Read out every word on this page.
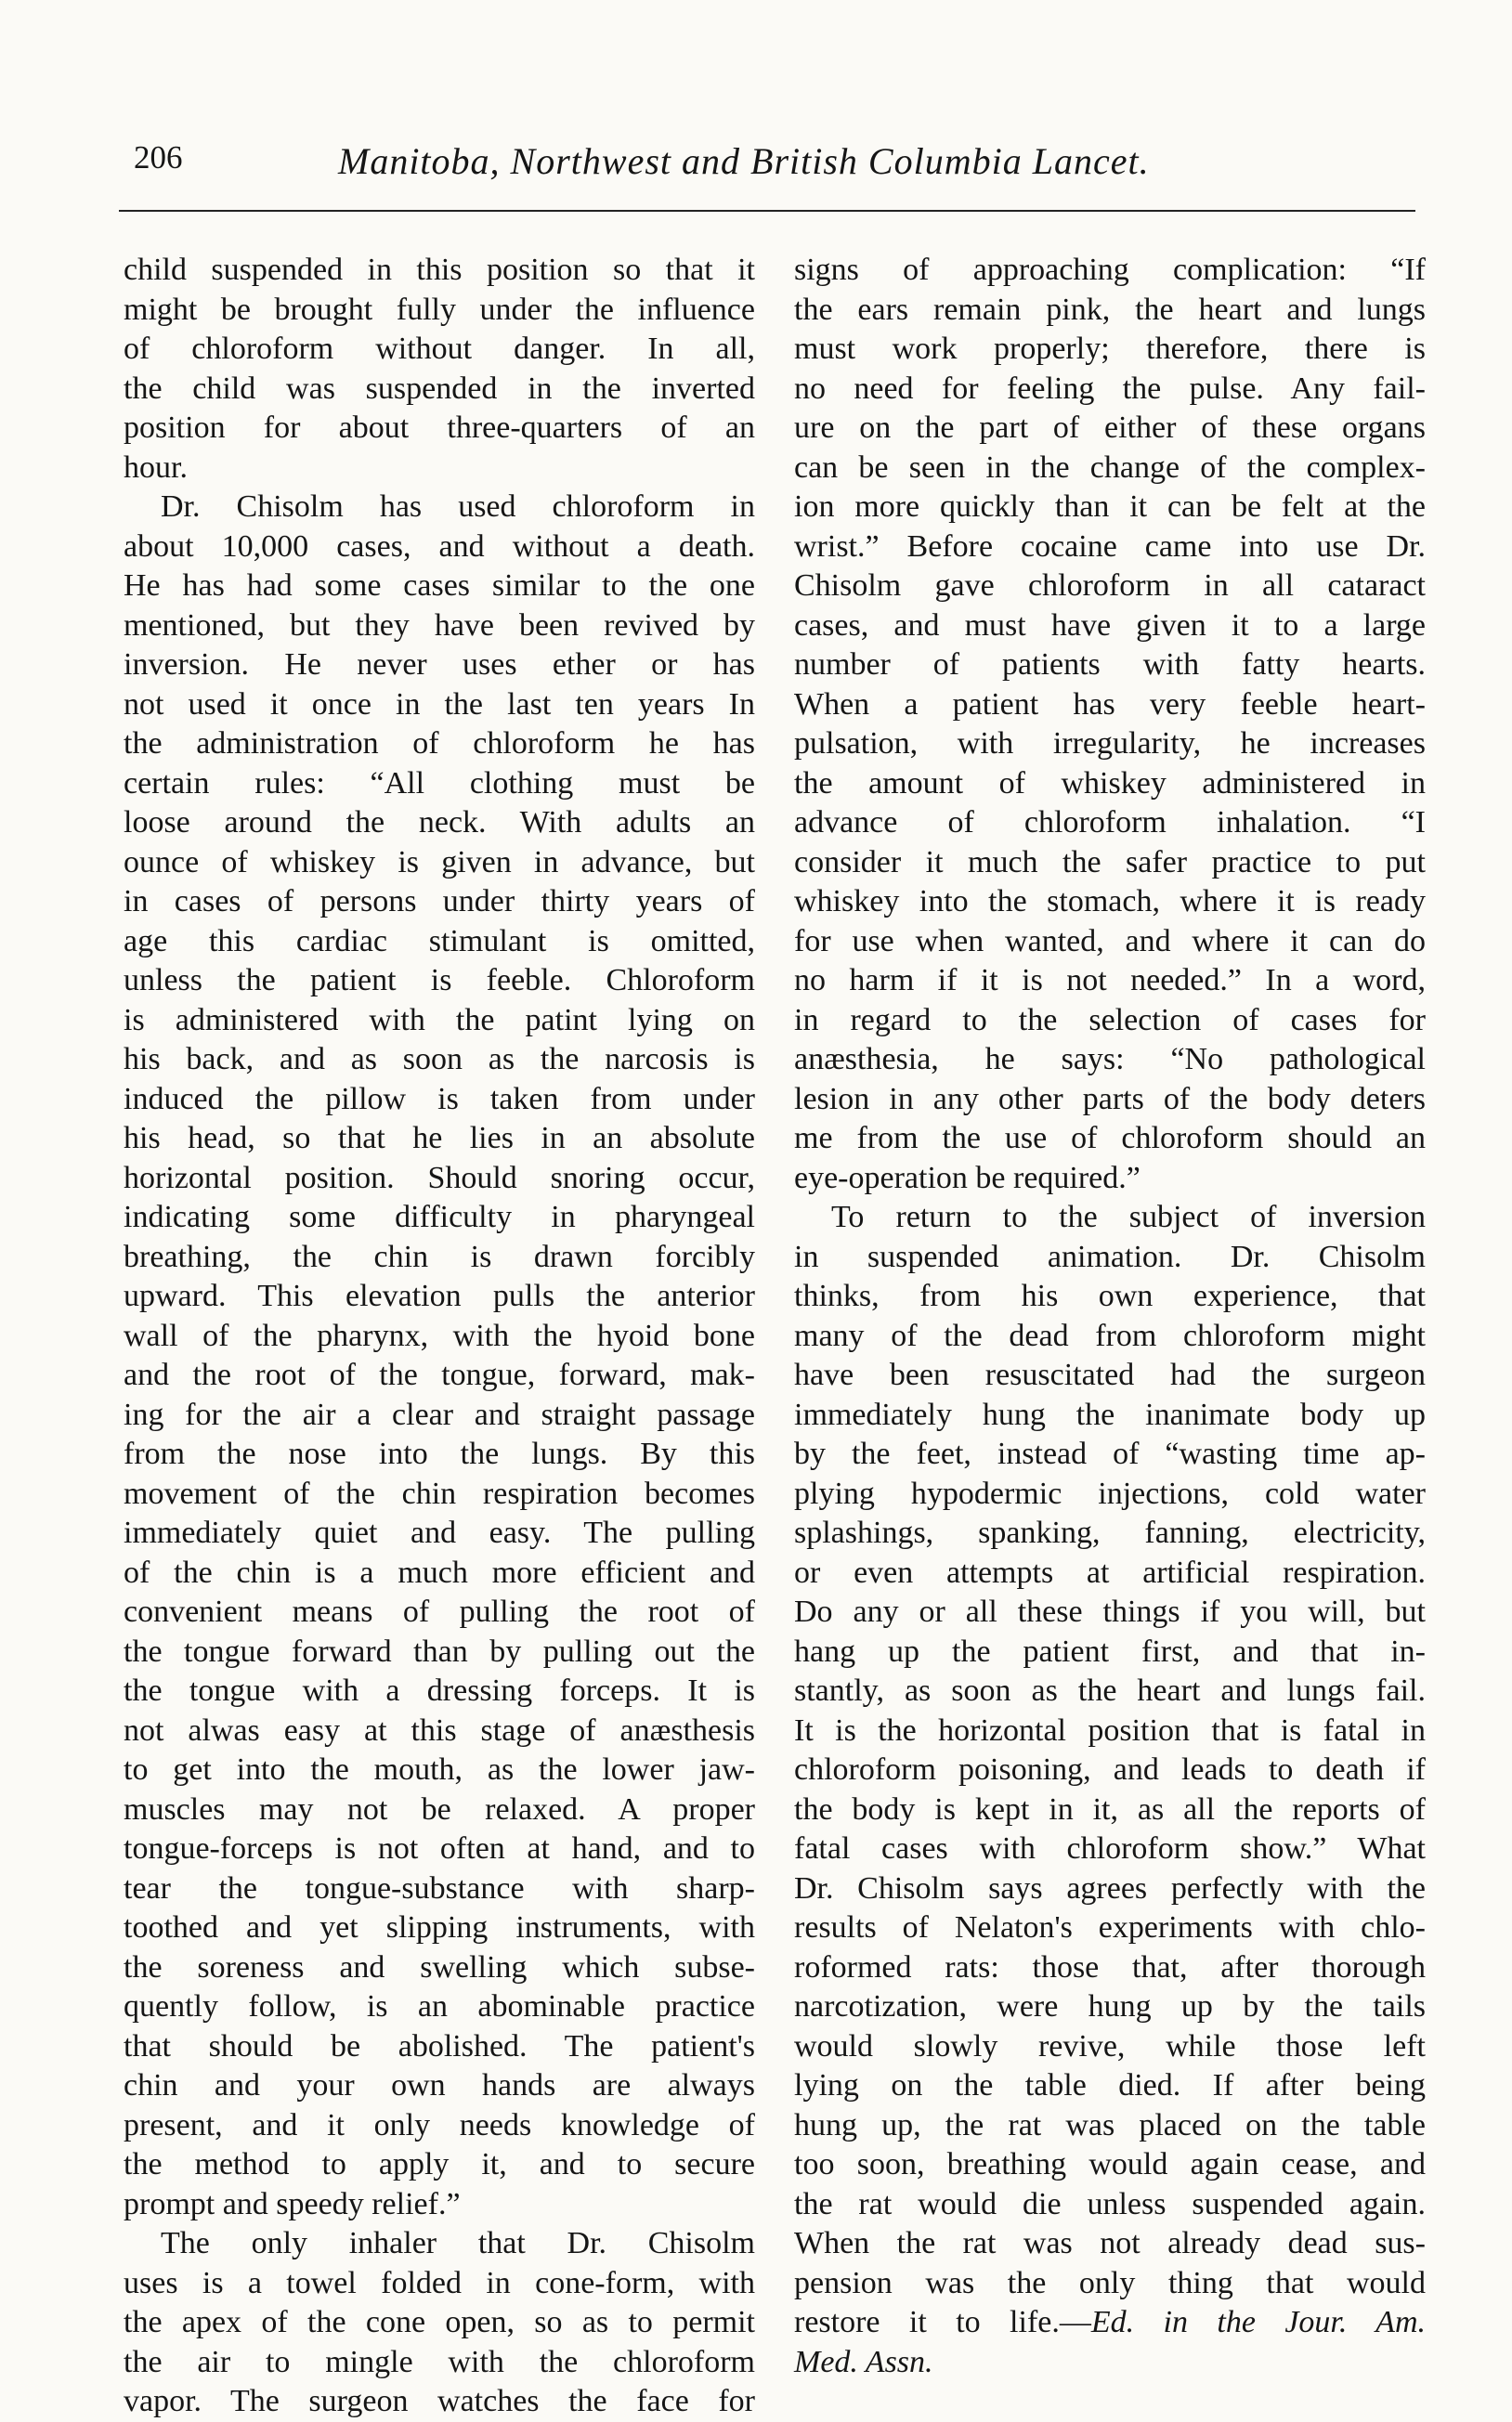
206	Manitoba, Northwest and British Columbia Lancet.
child suspended in this position so that it
might be brought fully under the influence
of chloroform without danger. In all,
the child was suspended in the inverted
position for about three-quarters of an
hour.
Dr. Chisolm has used chloroform in
about 10,000 cases, and without a death.
He has had some cases similar to the one
mentioned, but they have been revived by
inversion. He never uses ether or has
not used it once in the last ten years In
the administration of chloroform he has
certain rules: “All clothing must be
loose around the neck. With adults an
ounce of whiskey is given in advance, but
in cases of persons under thirty years of
age this cardiac stimulant is omitted,
unless the patient is feeble. Chloroform
is administered with the patint lying on
his back, and as soon as the narcosis is
induced the pillow is taken from under
his head, so that he lies in an absolute
horizontal position. Should snoring occur,
indicating some difficulty in pharyngeal
breathing, the chin is drawn forcibly
upward. This elevation pulls the anterior
wall of the pharynx, with the hyoid bone
and the root of the tongue, forward, mak-
ing for the air a clear and straight passage
from the nose into the lungs. By this
movement of the chin respiration becomes
immediately quiet and easy. The pulling
of the chin is a much more efficient and
convenient means of pulling the root of
the tongue forward than by pulling out the
the tongue with a dressing forceps. It is
not alwas easy at this stage of anæsthesis
to get into the mouth, as the lower jaw-
muscles may not be relaxed. A proper
tongue-forceps is not often at hand, and to
tear the tongue-substance with sharp-
toothed and yet slipping instruments, with
the soreness and swelling which subse-
quently follow, is an abominable practice
that should be abolished. The patient's
chin and your own hands are always
present, and it only needs knowledge of
the method to apply it, and to secure
prompt and speedy relief.”
The only inhaler that Dr. Chisolm
uses is a towel folded in cone-form, with
the apex of the cone open, so as to permit
the air to mingle with the chloroform
vapor. The surgeon watches the face for
signs of approaching complication: “If
the ears remain pink, the heart and lungs
must work properly; therefore, there is
no need for feeling the pulse. Any fail-
ure on the part of either of these organs
can be seen in the change of the complex-
ion more quickly than it can be felt at the
wrist.” Before cocaine came into use Dr.
Chisolm gave chloroform in all cataract
cases, and must have given it to a large
number of patients with fatty hearts.
When a patient has very feeble heart-
pulsation, with irregularity, he increases
the amount of whiskey administered in
advance of chloroform inhalation. “I
consider it much the safer practice to put
whiskey into the stomach, where it is ready
for use when wanted, and where it can do
no harm if it is not needed.” In a word,
in regard to the selection of cases for
anæsthesia, he says: “No pathological
lesion in any other parts of the body deters
me from the use of chloroform should an
eye-operation be required.”
To return to the subject of inversion
in suspended animation. Dr. Chisolm
thinks, from his own experience, that
many of the dead from chloroform might
have been resuscitated had the surgeon
immediately hung the inanimate body up
by the feet, instead of “wasting time ap-
plying hypodermic injections, cold water
splashings, spanking, fanning, electricity,
or even attempts at artificial respiration.
Do any or all these things if you will, but
hang up the patient first, and that in-
stantly, as soon as the heart and lungs fail.
It is the horizontal position that is fatal in
chloroform poisoning, and leads to death if
the body is kept in it, as all the reports of
fatal cases with chloroform show.” What
Dr. Chisolm says agrees perfectly with the
results of Nelaton's experiments with chlo-
roformed rats: those that, after thorough
narcotization, were hung up by the tails
would slowly revive, while those left
lying on the table died. If after being
hung up, the rat was placed on the table
too soon, breathing would again cease, and
the rat would die unless suspended again.
When the rat was not already dead sus-
pension was the only thing that would
restore it to life.—Ed. in the Jour. Am.
Med. Assn.
